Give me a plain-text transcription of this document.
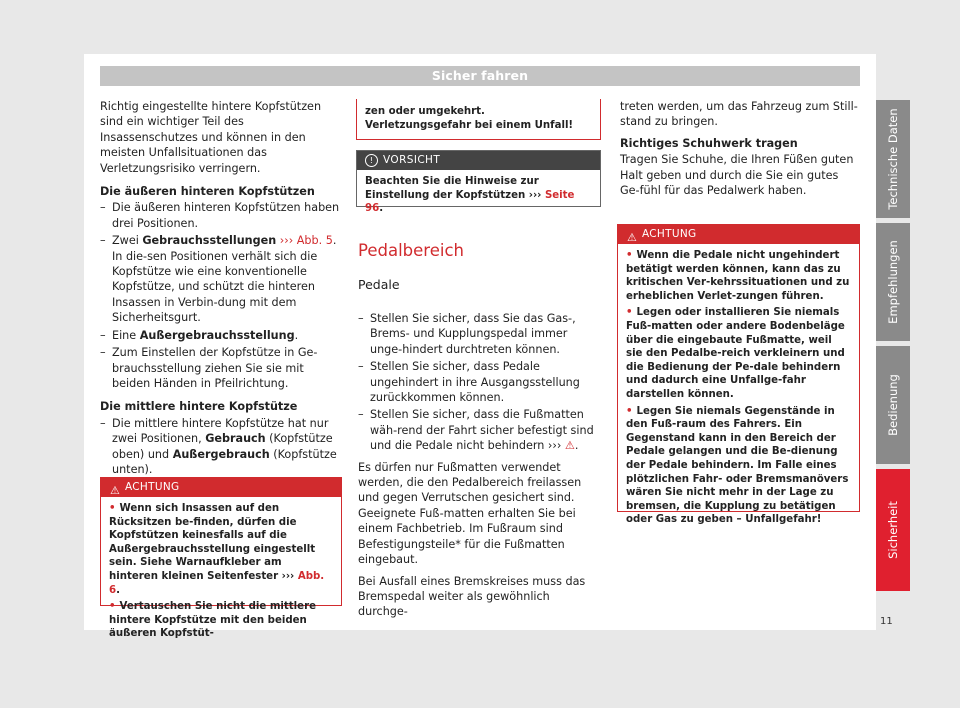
Sicher fahren

Richtig eingestellte hintere Kopfstützen sind ein wichtiger Teil des Insassenschutzes und können in den meisten Unfallsituationen das Verletzungsrisiko verringern.

Die äußeren hinteren Kopfstützen
– Die äußeren hinteren Kopfstützen haben drei Positionen.
– Zwei Gebrauchsstellungen ››› Abb. 5. In die-sen Positionen verhält sich die Kopfstütze wie eine konventionelle Kopfstütze, und schützt die hinteren Insassen in Verbin-dung mit dem Sicherheitsgurt.
– Eine Außergebrauchsstellung.
– Zum Einstellen der Kopfstütze in Ge-brauchsstellung ziehen Sie sie mit beiden Händen in Pfeilrichtung.
Die mittlere hintere Kopfstütze
– Die mittlere hintere Kopfstütze hat nur zwei Positionen, Gebrauch (Kopfstütze oben) und Außergebrauch (Kopfstütze unten).
⚠ ACHTUNG

• Wenn sich Insassen auf den Rücksitzen be-finden, dürfen die Kopfstützen keinesfalls auf die Außergebrauchsstellung eingestellt sein. Siehe Warnaufkleber am hinteren kleinen Seitenfester ››› Abb. 6.

• Vertauschen Sie nicht die mittlere hintere Kopfstütze mit den beiden äußeren Kopfstüt-

zen oder umgekehrt. Verletzungsgefahr bei einem Unfall!
! VORSICHT
Beachten Sie die Hinweise zur Einstellung der Kopfstützen ››› Seite 96.
Pedalbereich
Pedale
– Stellen Sie sicher, dass Sie das Gas-, Brems- und Kupplungspedal immer unge-hindert durchtreten können.
– Stellen Sie sicher, dass Pedale ungehindert in ihre Ausgangsstellung zurückkommen können.
– Stellen Sie sicher, dass die Fußmatten wäh-rend der Fahrt sicher befestigt sind und die Pedale nicht behindern ››› ⚠.

Es dürfen nur Fußmatten verwendet werden, die den Pedalbereich freilassen und gegen Verrutschen gesichert sind. Geeignete Fuß-matten erhalten Sie bei einem Fachbetrieb. Im Fußraum sind Befestigungsteile* für die Fußmatten eingebaut.

Bei Ausfall eines Bremskreises muss das Bremspedal weiter als gewöhnlich durchge-

treten werden, um das Fahrzeug zum Still-stand zu bringen.

Richtiges Schuhwerk tragen

Tragen Sie Schuhe, die Ihren Füßen guten Halt geben und durch die Sie ein gutes Ge-fühl für das Pedalwerk haben.

⚠ ACHTUNG

• Wenn die Pedale nicht ungehindert betätigt werden können, kann das zu kritischen Ver-kehrssituationen und zu erheblichen Verlet-zungen führen.

• Legen oder installieren Sie niemals Fuß-matten oder andere Bodenbeläge über die eingebaute Fußmatte, weil sie den Pedalbe-reich verkleinern und die Bedienung der Pe-dale behindern und dadurch eine Unfallge-fahr darstellen können.

• Legen Sie niemals Gegenstände in den Fuß-raum des Fahrers. Ein Gegenstand kann in den Bereich der Pedale gelangen und die Be-dienung der Pedale behindern. Im Falle eines plötzlichen Fahr- oder Bremsmanövers wären Sie nicht mehr in der Lage zu bremsen, die Kupplung zu betätigen oder Gas zu geben – Unfallgefahr!

Technische Daten
Empfehlungen
Bedienung
Sicherheit
11
